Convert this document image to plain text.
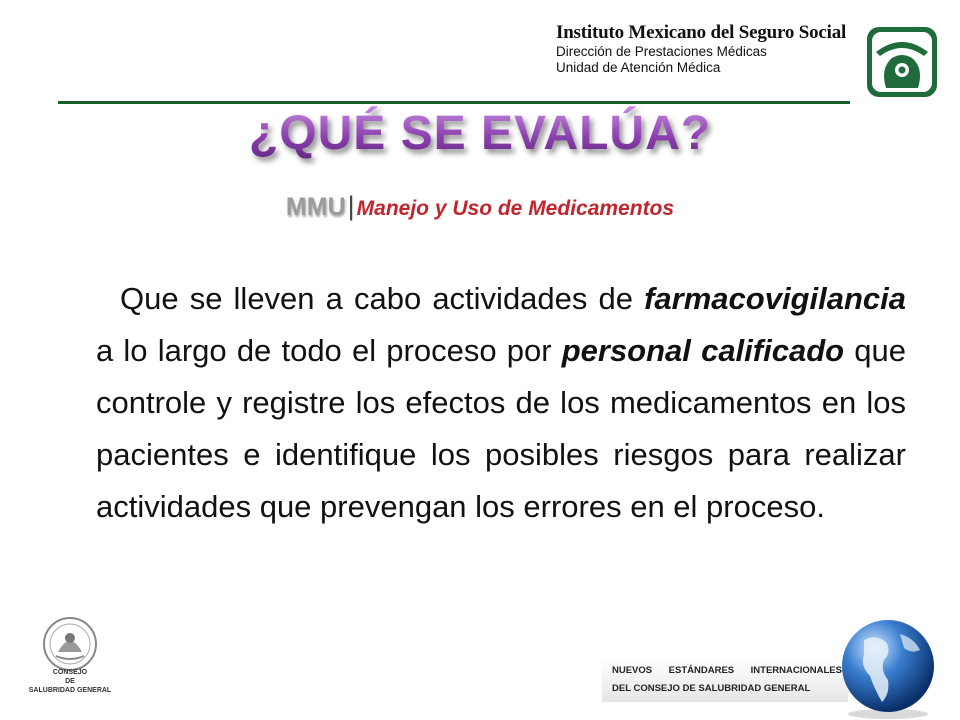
Instituto Mexicano del Seguro Social
Dirección de Prestaciones Médicas
Unidad de Atención Médica
¿QUÉ SE EVALÚA?
MMU|Manejo y Uso de Medicamentos

Que se lleven a cabo actividades de farmacovigilancia a lo largo de todo el proceso por personal calificado que controle y registre los efectos de los medicamentos en los pacientes e identifique los posibles riesgos para realizar actividades que prevengan los errores en el proceso.

CONSEJO
DE
SALUBRIDAD GENERAL
NUEVOS ESTÁNDARES INTERNACIONALES
DEL CONSEJO DE SALUBRIDAD GENERAL
